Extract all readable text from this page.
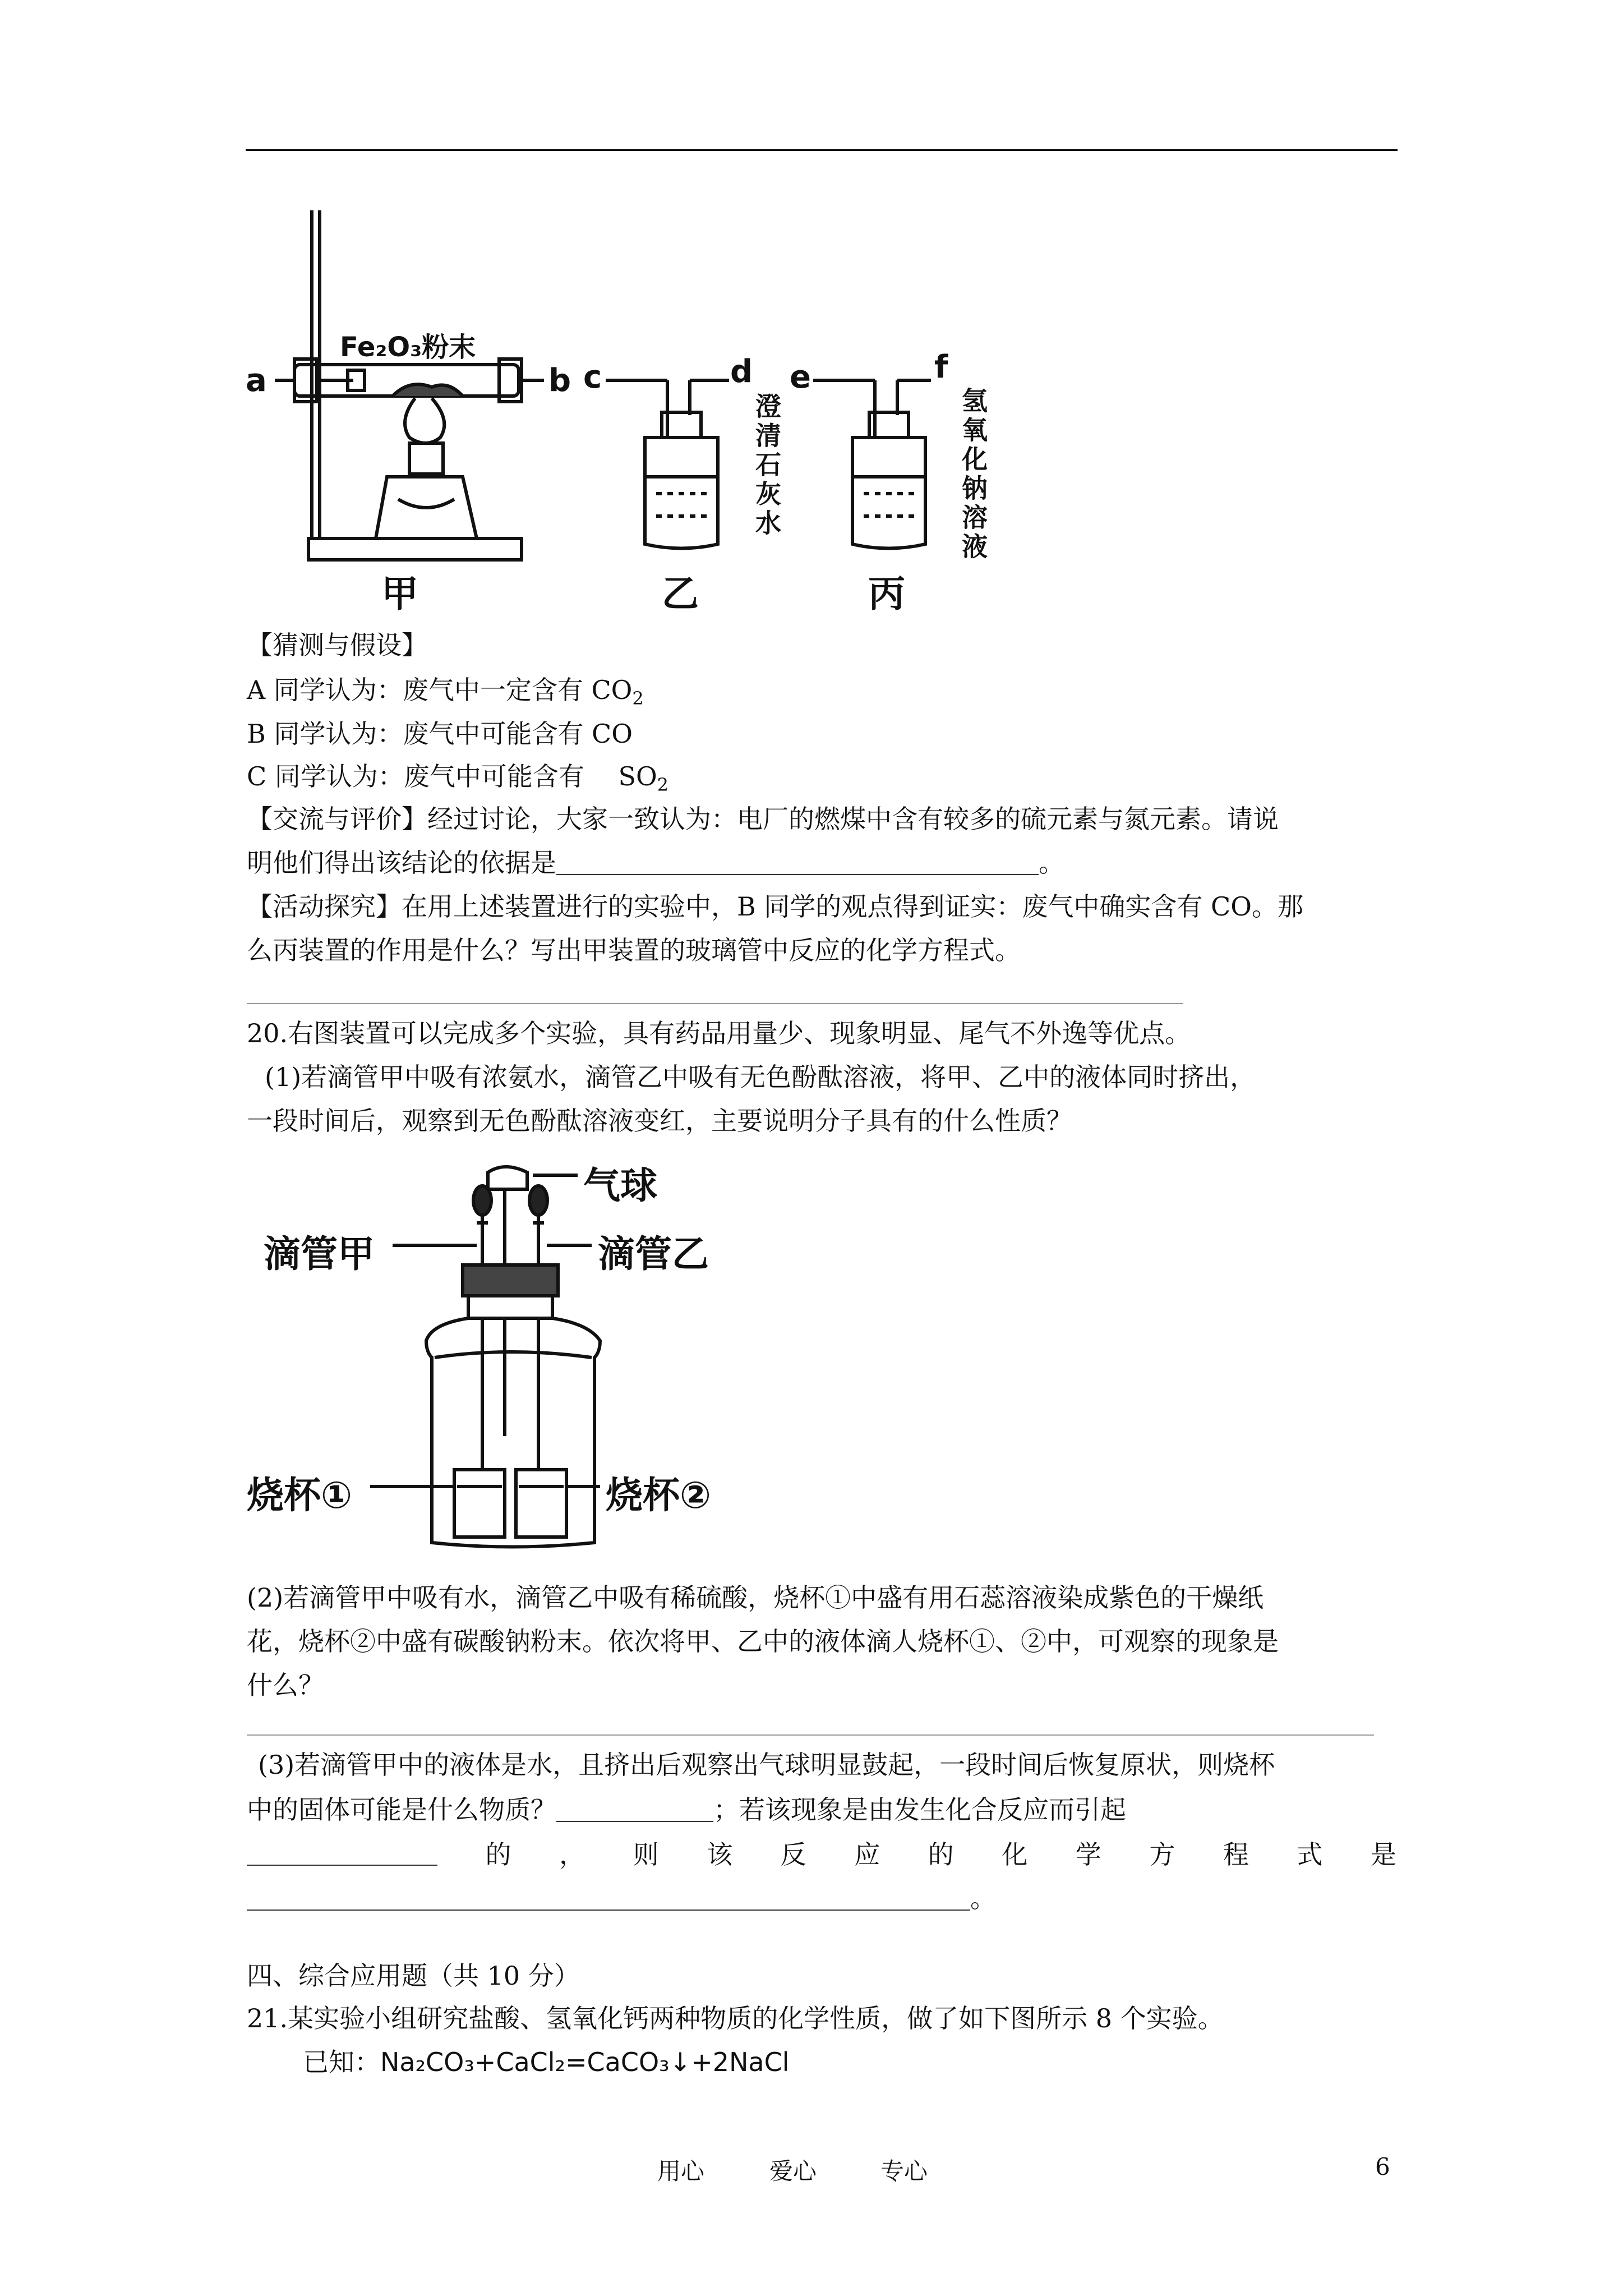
a	b c	d e	f
Fe₂O₃粉末
澄清石灰水	氢氧化钠溶液
甲	乙	丙
【猜测与假设】
A 同学认为：废气中一定含有 $CO_2$
B 同学认为：废气中可能含有 CO
C 同学认为：废气中可能含有　 $SO_2$
【交流与评价】经过讨论，大家一致认为：电厂的燃煤中含有较多的硫元素与氮元素。请说
明他们得出该结论的依据是	。
【活动探究】在用上述装置进行的实验中，B 同学的观点得到证实：废气中确实含有 CO。那
么丙装置的作用是什么？写出甲装置的玻璃管中反应的化学方程式。
20.右图装置可以完成多个实验，具有药品用量少、现象明显、尾气不外逸等优点。
(1)若滴管甲中吸有浓氨水，滴管乙中吸有无色酚酞溶液，将甲、乙中的液体同时挤出，
一段时间后，观察到无色酚酞溶液变红，主要说明分子具有的什么性质？
气球
滴管甲	滴管乙
烧杯①	烧杯②
(2)若滴管甲中吸有水，滴管乙中吸有稀硫酸，烧杯①中盛有用石蕊溶液染成紫色的干燥纸
花，烧杯②中盛有碳酸钠粉末。依次将甲、乙中的液体滴人烧杯①、②中，可观察的现象是
什么？
(3)若滴管甲中的液体是水，且挤出后观察出气球明显鼓起，一段时间后恢复原状，则烧杯
中的固体可能是什么物质？	；若该现象是由发生化合反应而引起
的 ， 则 该 反 应 的 化 学 方 程 式 是
。
四、综合应用题（共 10 分）
21.某实验小组研究盐酸、氢氧化钙两种物质的化学性质，做了如下图所示 8 个实验。
已知：Na₂CO₃+CaCl₂=CaCO₃↓+2NaCl
用心	爱心	专心	6
